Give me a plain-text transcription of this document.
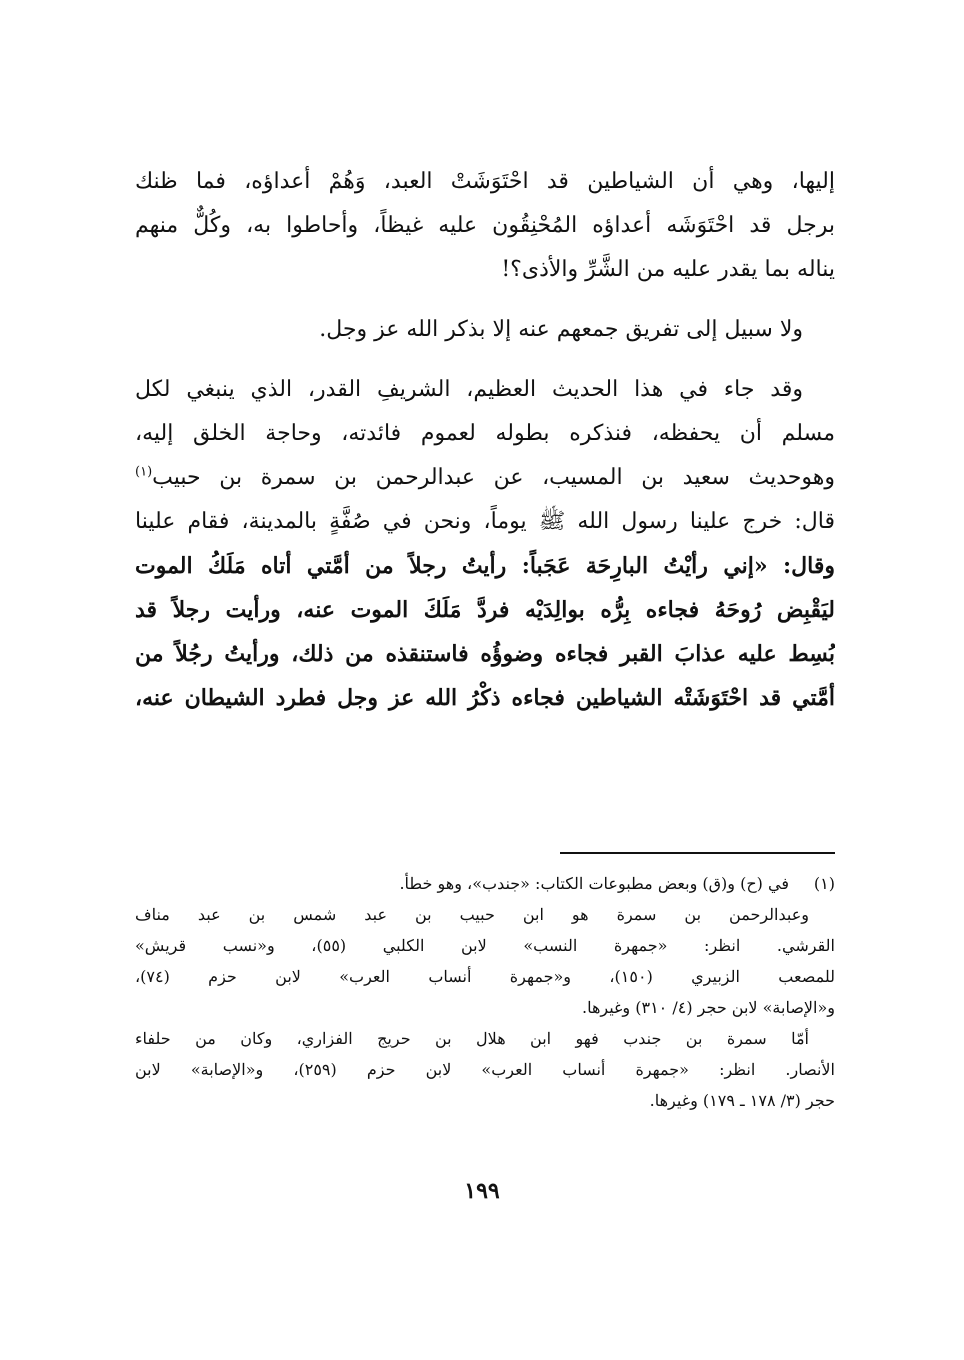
إليها، وهي أن الشياطين قد احْتَوَشَتْ العبد، وَهُمْ أعداؤه، فما ظنك
برجل قد احْتَوَشَه أعداؤه المُحْنِقُون عليه غيظاً، وأحاطوا به، وكُلٌّ منهم
يناله بما يقدر عليه من الشَّرِّ والأذى؟!
ولا سبيل إلى تفريق جمعهم عنه إلا بذكر الله عز وجل.
وقد جاء في هذا الحديث العظيم، الشريفِ القدر، الذي ينبغي لكل
مسلم أن يحفظه، فنذكره بطوله لعموم فائدته، وحاجة الخلق إليه،
وهوحديث سعيد بن المسيب، عن عبدالرحمن بن سمرة بن حبيب$^{(١)}$
قال: خرج علينا رسول الله ﷺ يوماً، ونحن في صُفَّةٍ بالمدينة، فقام علينا
وقال: «إني رأيْتُ البارِحَة عَجَباً: رأيتُ رجلاً من أمَّتي أتاه مَلَكُ الموت
ليَقْبِض رُوحَهُ فجاءه بِرُّه بوالِدَيْه فردَّ مَلَكَ الموت عنه، ورأيت رجلاً قد
بُسِط عليه عذابَ القبر فجاءه وضوؤُه فاستنقذه من ذلك، ورأيتُ رجُلاً من
أمَّتي قد احْتَوَشَتْه الشياطين فجاءه ذكْرُ الله عز وجل فطرد الشيطان عنه،
(١)في (ح) و(ق) وبعض مطبوعات الكتاب: «جندب»، وهو خطأ.
وعبدالرحمن بن سمرة هو ابن حبيب بن عبد شمس بن عبد مناف
القرشي. انظر: «جمهرة النسب» لابن الكلبي (٥٥)، و«نسب قريش»
للمصعب الزبيري (١٥٠)، و«جمهرة أنساب العرب» لابن حزم (٧٤)،
و«الإصابة» لابن حجر (٤/ ٣١٠) وغيرها.
أمّا سمرة بن جندب فهو ابن هلال بن حريج الفزاري، وكان من حلفاء
الأنصار. انظر: «جمهرة أنساب العرب» لابن حزم (٢٥٩)، و«الإصابة» لابن
حجر (٣/ ١٧٨ ـ ١٧٩) وغيرها.
١٩٩
